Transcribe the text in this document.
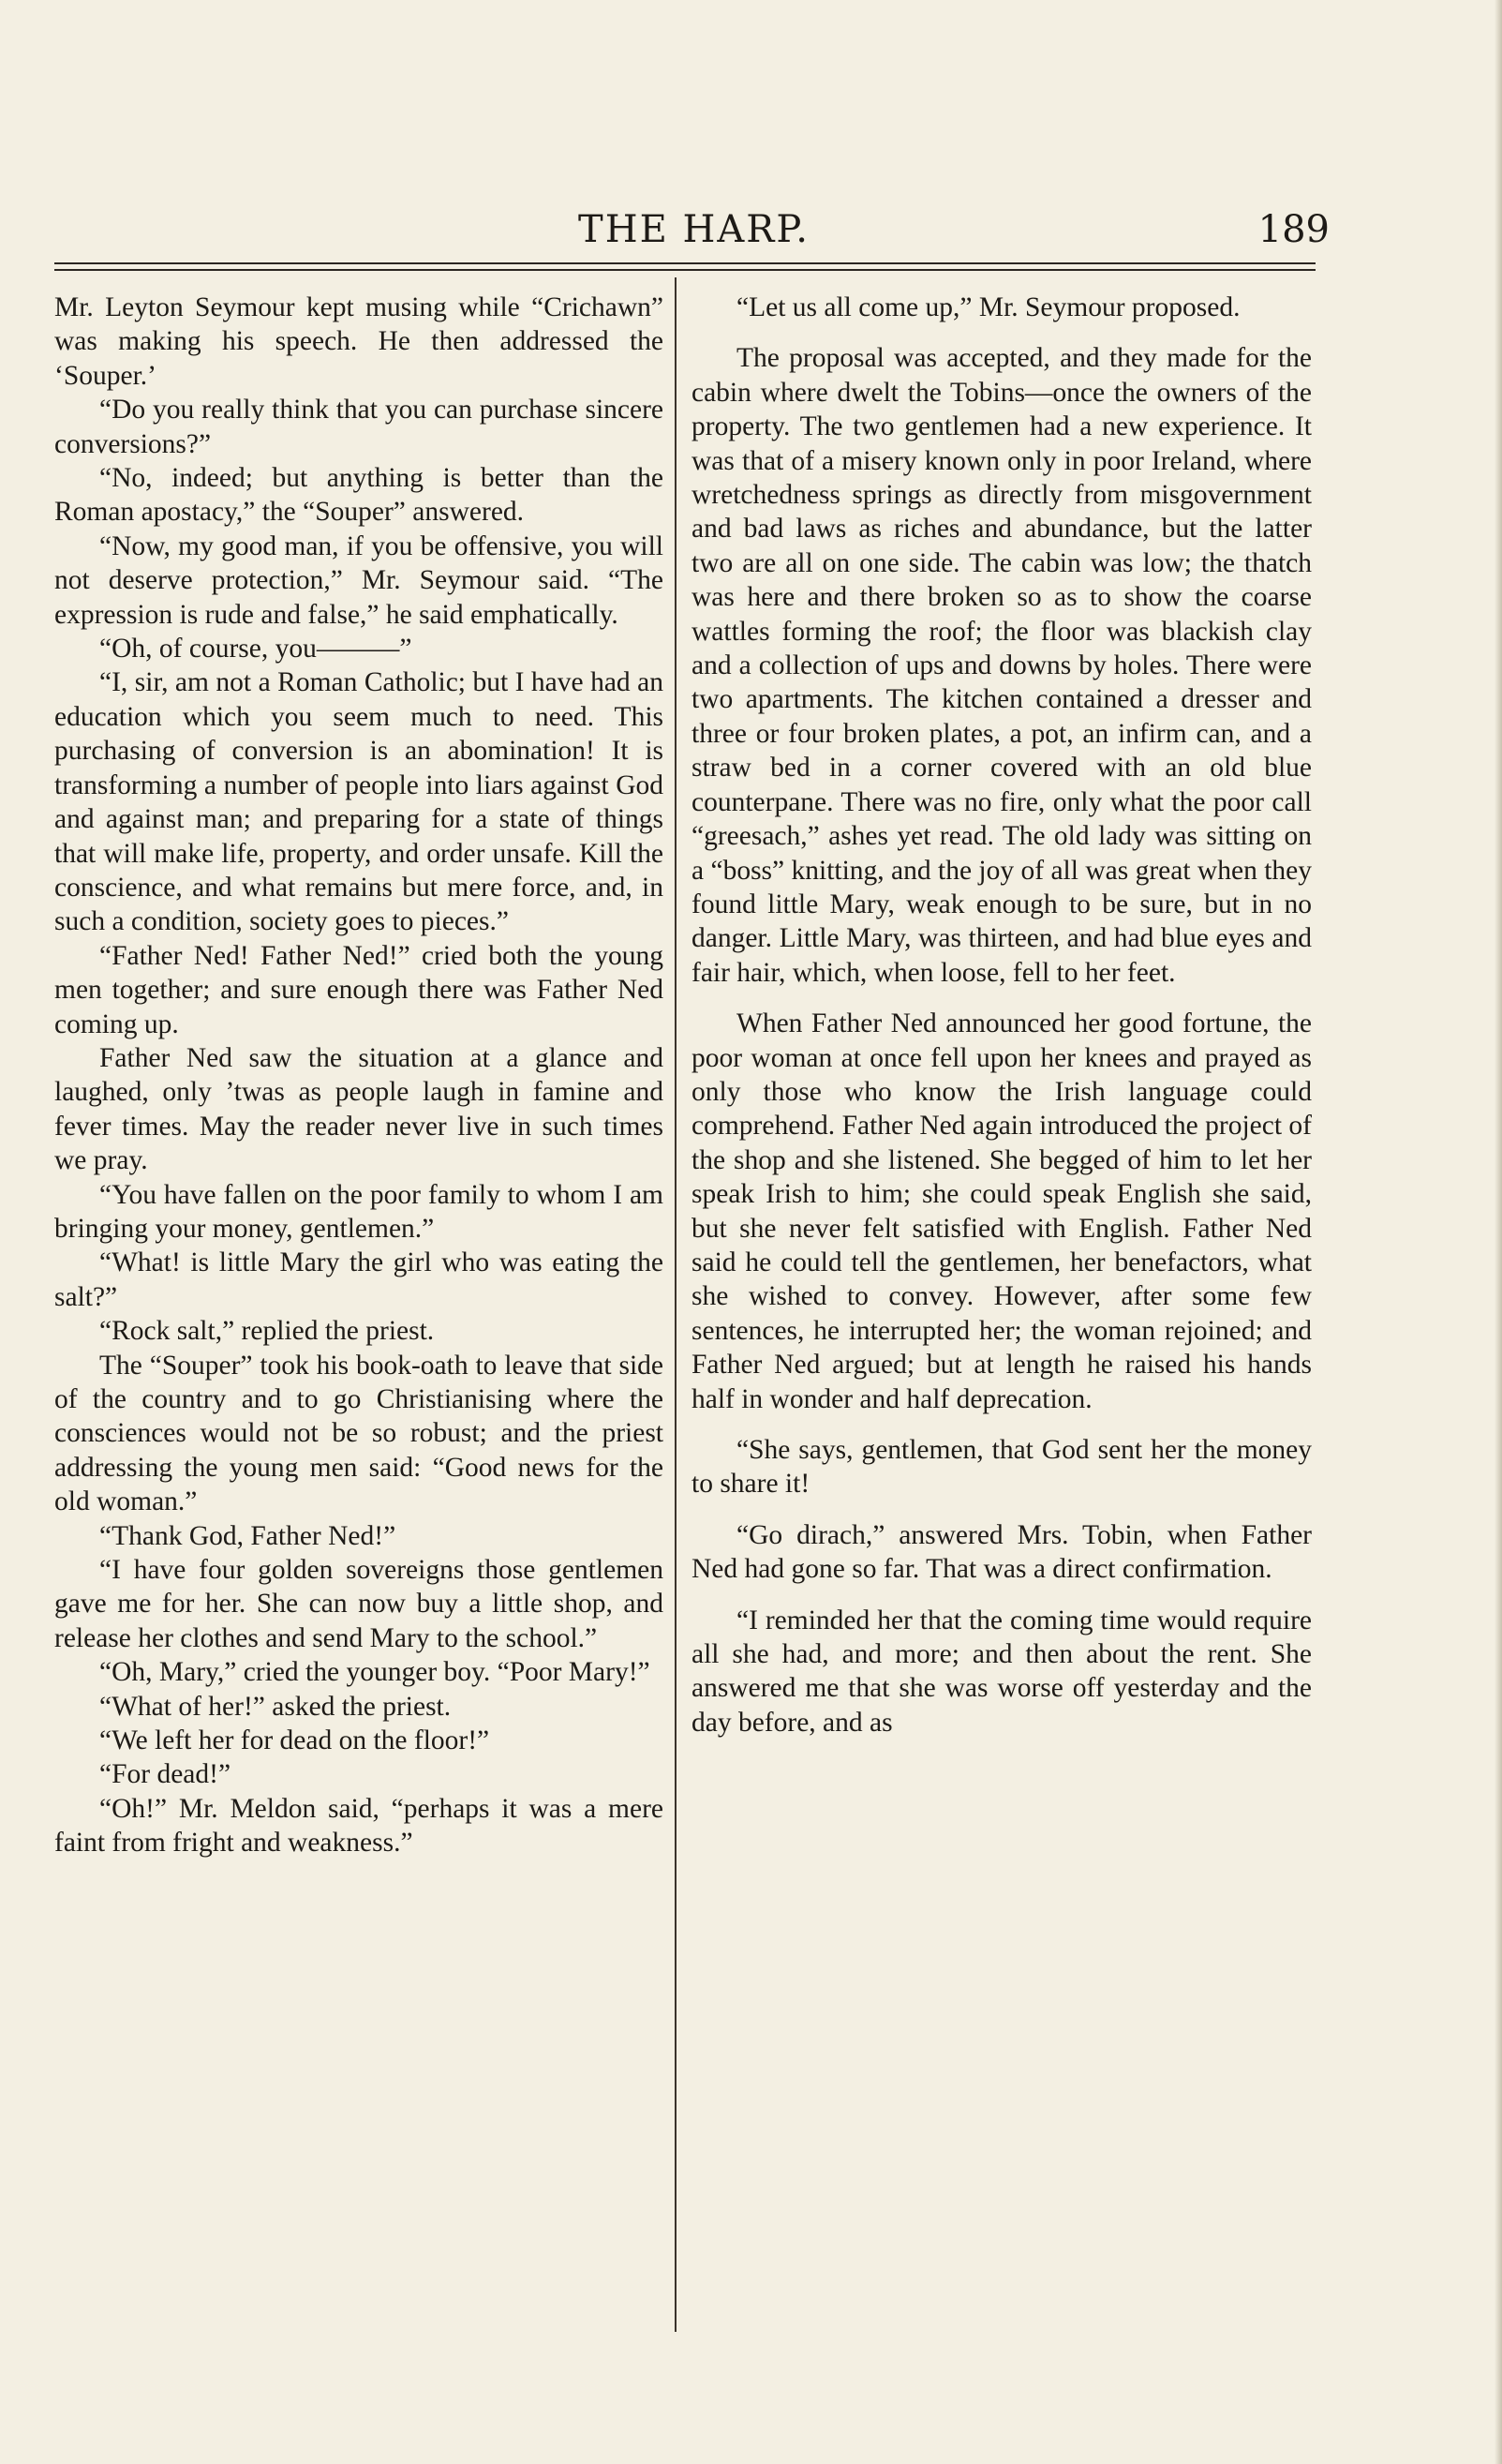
THE HARP.	189

Mr. Leyton Seymour kept musing while “Crichawn” was making his speech. He then addressed the ‘Souper.’

“Do you really think that you can purchase sincere conversions?”

“No, indeed; but anything is better than the Roman apostacy,” the “Souper” answered.

“Now, my good man, if you be offensive, you will not deserve protection,” Mr. Seymour said. “The expression is rude and false,” he said emphatically.

“Oh, of course, you———”

“I, sir, am not a Roman Catholic; but I have had an education which you seem much to need. This purchasing of conversion is an abomination! It is transforming a number of people into liars against God and against man; and preparing for a state of things that will make life, property, and order unsafe. Kill the conscience, and what remains but mere force, and, in such a condition, society goes to pieces.”

“Father Ned! Father Ned!” cried both the young men together; and sure enough there was Father Ned coming up.

Father Ned saw the situation at a glance and laughed, only ’twas as people laugh in famine and fever times. May the reader never live in such times we pray.

“You have fallen on the poor family to whom I am bringing your money, gentlemen.”

“What! is little Mary the girl who was eating the salt?”

“Rock salt,” replied the priest.

The “Souper” took his book-oath to leave that side of the country and to go Christianising where the consciences would not be so robust; and the priest addressing the young men said: “Good news for the old woman.”

“Thank God, Father Ned!”

“I have four golden sovereigns those gentlemen gave me for her. She can now buy a little shop, and release her clothes and send Mary to the school.”

“Oh, Mary,” cried the younger boy. “Poor Mary!”

“What of her!” asked the priest.

“We left her for dead on the floor!”

“For dead!”

“Oh!” Mr. Meldon said, “perhaps it was a mere faint from fright and weakness.”

“Let us all come up,” Mr. Seymour proposed.

The proposal was accepted, and they made for the cabin where dwelt the Tobins—once the owners of the property. The two gentlemen had a new experience. It was that of a misery known only in poor Ireland, where wretchedness springs as directly from misgovernment and bad laws as riches and abundance, but the latter two are all on one side. The cabin was low; the thatch was here and there broken so as to show the coarse wattles forming the roof; the floor was blackish clay and a collection of ups and downs by holes. There were two apartments. The kitchen contained a dresser and three or four broken plates, a pot, an infirm can, and a straw bed in a corner covered with an old blue counterpane. There was no fire, only what the poor call “greesach,” ashes yet read. The old lady was sitting on a “boss” knitting, and the joy of all was great when they found little Mary, weak enough to be sure, but in no danger. Little Mary, was thirteen, and had blue eyes and fair hair, which, when loose, fell to her feet.

When Father Ned announced her good fortune, the poor woman at once fell upon her knees and prayed as only those who know the Irish language could comprehend. Father Ned again introduced the project of the shop and she listened. She begged of him to let her speak Irish to him; she could speak English she said, but she never felt satisfied with English. Father Ned said he could tell the gentlemen, her benefactors, what she wished to convey. However, after some few sentences, he interrupted her; the woman rejoined; and Father Ned argued; but at length he raised his hands half in wonder and half deprecation.

“She says, gentlemen, that God sent her the money to share it!

“Go dirach,” answered Mrs. Tobin, when Father Ned had gone so far. That was a direct confirmation.

“I reminded her that the coming time would require all she had, and more; and then about the rent. She answered me that she was worse off yesterday and the day before, and as
